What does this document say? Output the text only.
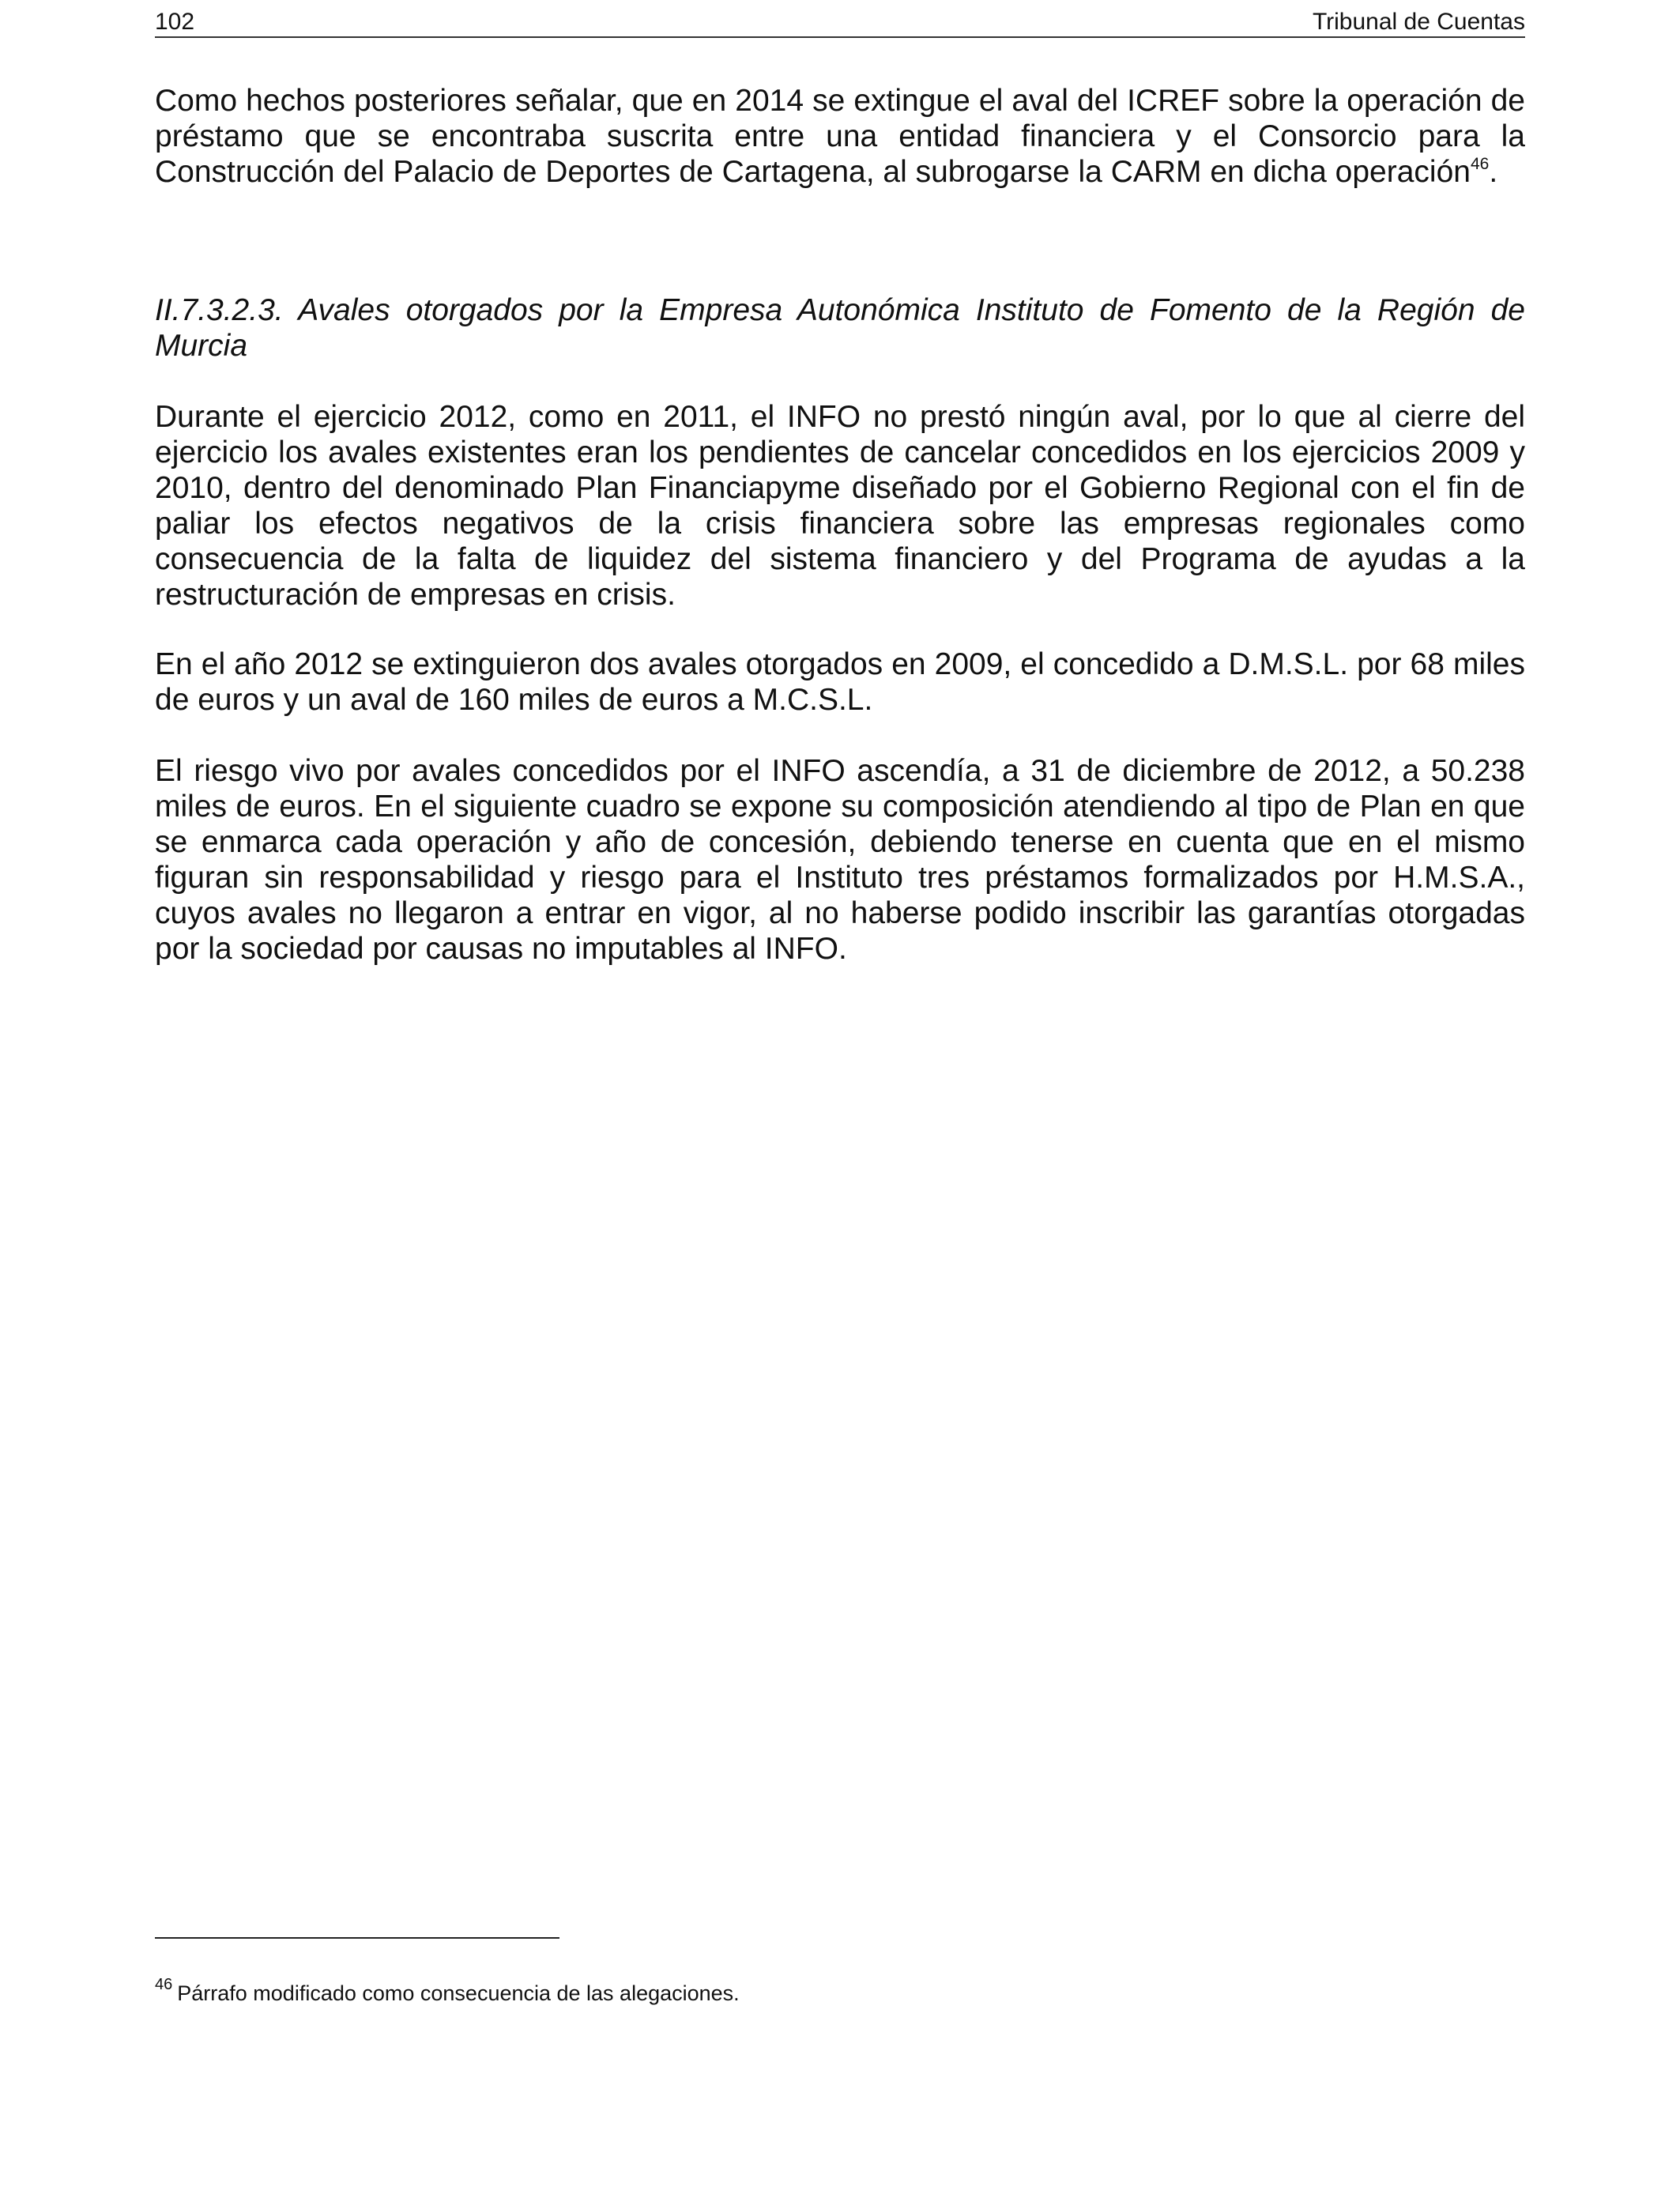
102	Tribunal de Cuentas

Como hechos posteriores señalar, que en 2014 se extingue el aval del ICREF sobre la operación de préstamo que se encontraba suscrita entre una entidad financiera y el Consorcio para la Construcción del Palacio de Deportes de Cartagena, al subrogarse la CARM en dicha operación$^{46}$.

II.7.3.2.3. Avales otorgados por la Empresa Autonómica Instituto de Fomento de la Región de Murcia

Durante el ejercicio 2012, como en 2011, el INFO no prestó ningún aval, por lo que al cierre del ejercicio los avales existentes eran los pendientes de cancelar concedidos en los ejercicios 2009 y 2010, dentro del denominado Plan Financiapyme diseñado por el Gobierno Regional con el fin de paliar los efectos negativos de la crisis financiera sobre las empresas regionales como consecuencia de la falta de liquidez del sistema financiero y del Programa de ayudas a la restructuración de empresas en crisis.

En el año 2012 se extinguieron dos avales otorgados en 2009, el concedido a D.M.S.L. por 68 miles de euros y un aval de 160 miles de euros a M.C.S.L.

El riesgo vivo por avales concedidos por el INFO ascendía, a 31 de diciembre de 2012, a 50.238 miles de euros. En el siguiente cuadro se expone su composición atendiendo al tipo de Plan en que se enmarca cada operación y año de concesión, debiendo tenerse en cuenta que en el mismo figuran sin responsabilidad y riesgo para el Instituto tres préstamos formalizados por H.M.S.A., cuyos avales no llegaron a entrar en vigor, al no haberse podido inscribir las garantías otorgadas por la sociedad por causas no imputables al INFO.

$^{46}$ Párrafo modificado como consecuencia de las alegaciones.
